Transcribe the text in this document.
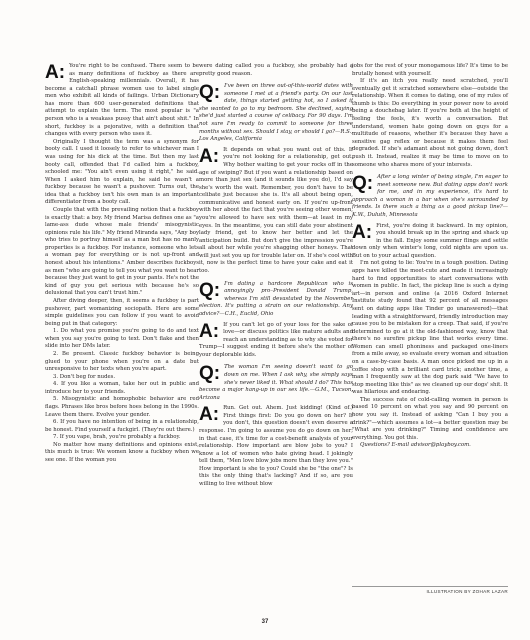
A: You're right to be confused. There seem to be as many definitions of fuckboy as there are English-speaking millennials. Overall, it has become a catchall phrase women use to label single men who exhibit all kinds of failings. Urban Dictionary has more than 600 user-generated definitions that attempt to explain the term. The most popular is "a person who is a weakass pussy that ain't about shit." In short, fuckboy is a pejorative, with a definition that changes with every person who uses it.

Originally I thought the term was a synonym for booty call. I used it loosely to refer to whichever man I was using for his dick at the time. But then my last booty call, offended that I'd called him a fuckboy, schooled me: "You ain't even using it right," he said. When I asked him to explain, he said he wasn't a fuckboy because he wasn't a pushover. Turns out, the idea that a fuckboy isn't his own man is an important differentiator from a booty call.

Couple that with the prevailing notion that a fuckboy is exactly that: a boy. My friend Marisa defines one as "a lame-ass dude whose male friends' misogynistic opinions rule his life." My friend Miranda says, "Any boy who tries to portray himself as a man but has no manly properties is a fuckboy. For instance, someone who lets a woman pay for everything or is not up-front and honest about his intentions." Amber describes fuckboys as men "who are going to tell you what you want to hear because they just want to get in your pants. He's not the kind of guy you get serious with because he's so delusional that you can't trust him."

After diving deeper, then, it seems a fuckboy is part pushover, part womanizing sociopath. Here are some simple guidelines you can follow if you want to avoid being put in that category:

1. Do what you promise you're going to do and text when you say you're going to text. Don't flake and then slide into her DMs later.

2. Be present. Classic fuckboy behavior is being glued to your phone when you're on a date but unresponsive to her texts when you're apart.

3. Don't beg for nudes.

4. If you like a woman, take her out in public and introduce her to your friends.

5. Misogynistic and homophobic behavior are red flags. Phrases like bros before hoes belong in the 1990s. Leave them there. Evolve your gender.

6. If you have no intention of being in a relationship, be honest. Find yourself a fuckgirl. (They're out there.)

7. If you vape, brah, you're probably a fuckboy.

No matter how many definitions and opinions exist, this much is true: We women know a fuckboy when we see one. If the woman you

were dating called you a fuckboy, she probably had a pretty good reason.

Q: I've been on three out-of-this-world dates with someone I met at a friend's party. On our last date, things started getting hot, so I asked if she wanted to go to my bedroom. She declined, saying she'd just started a course of celibacy. For 90 days. I'm not sure I'm ready to commit to someone for three months without sex. Should I stay, or should I go?—R.S., Los Angeles, California

A: It depends on what you want out of this. If you're not looking for a relationship, get out. Why bother waiting to get your rocks off in the age of swiping? But if you want a relationship based on more than just sex (and it sounds like you do), I'd say she's worth the wait. Remember, you don't have to be celibate just because she is. It's all about being open, communicative and honest early on. If you're up-front with her about the fact that you're seeing other women, you're allowed to have sex with them—at least in my eyes. In the meantime, you can still date your abstinent lady friend, get to know her better and let the anticipation build. But don't give the impression you're all about her while you're shagging other honeys. That will just set you up for trouble later on. If she's cool with it, now is the perfect time to have your cake and eat it too.

Q: I'm dating a hardcore Republican who is annoyingly pro–President Donald Trump, whereas I'm still devastated by the November election. It's putting a strain on our relationship. Any advice?—C.H., Euclid, Ohio

A: If you can't let go of your loss for the sake of love—or discuss politics like mature adults and reach an understanding as to why she voted for Trump—I suggest ending it before she's the mother of your deplorable kids.

Q: The woman I'm seeing doesn't want to go down on me. When I ask why, she simply says she's never liked it. What should I do? This has become a major hang-up in our sex life.—G.M., Tucson, Arizona

A: Run. Get out. Ahem. Just kidding! (Kind of.) First things first: Do you go down on her? If you don't, this question doesn't even deserve a response. I'm going to assume you do go down on her; in that case, it's time for a cost-benefit analysis of your relationship. How important are blow jobs to you? I know a lot of women who hate giving head. I jokingly tell them, "Men love blow jobs more than they love you." How important is she to you? Could she be "the one"? Is this the only thing that's lacking? And if so, are you willing to live without blow

jobs for the rest of your monogamous life? It's time to be brutally honest with yourself.

If it's an itch you really need scratched, you'll eventually get it scratched somewhere else—outside the relationship. When it comes to dating, one of my rules of thumb is this: Do everything in your power now to avoid being a douchebag later. If you're both at the height of feeling the feels, it's worth a conversation. But understand, women hate going down on guys for a multitude of reasons, whether it's because they have a sensitive gag reflex or because it makes them feel degraded. If she's adamant about not going down, don't push it. Instead, realize it may be time to move on to someone who shares more of your interests.

Q: After a long winter of being single, I'm eager to meet someone new. But dating apps don't work for me, and in my experience, it's hard to approach a woman in a bar when she's surrounded by friends. Is there such a thing as a good pickup line?—K.W., Duluth, Minnesota

A: First, you're doing it backward. In my opinion, you should break up in the spring and shack up in the fall. Enjoy some summer flings and settle down only when winter's long, cold nights are upon us. But on to your actual question.

I'm not going to lie: You're in a tough position. Dating apps have killed the meet-cute and made it increasingly hard to find opportunities to start conversations with women in public. In fact, the pickup line is such a dying art—in person and online (a 2016 Oxford Internet Institute study found that 92 percent of all messages sent on dating apps like Tinder go unanswered)—that leading with a straightforward, friendly introduction may cause you to be mistaken for a creep. That said, if you're determined to go at it the old-fashioned way, know that there's no surefire pickup line that works every time. Women can smell phoniness and packaged one-liners from a mile away, so evaluate every woman and situation on a case-by-case basis. A man once picked me up in a coffee shop with a brilliant card trick; another time, a man I frequently saw at the dog park said "We have to stop meeting like this" as we cleaned up our dogs' shit. It was hilarious and endearing.

The success rate of cold-calling women in person is based 10 percent on what you say and 90 percent on how you say it. Instead of asking "Can I buy you a drink?"—which assumes a lot—a better question may be "What are you drinking?" Timing and confidence are everything. You got this.

Questions? E-mail advisor@playboy.com.

ILLUSTRATION BY ZOHAR LAZAR
37
